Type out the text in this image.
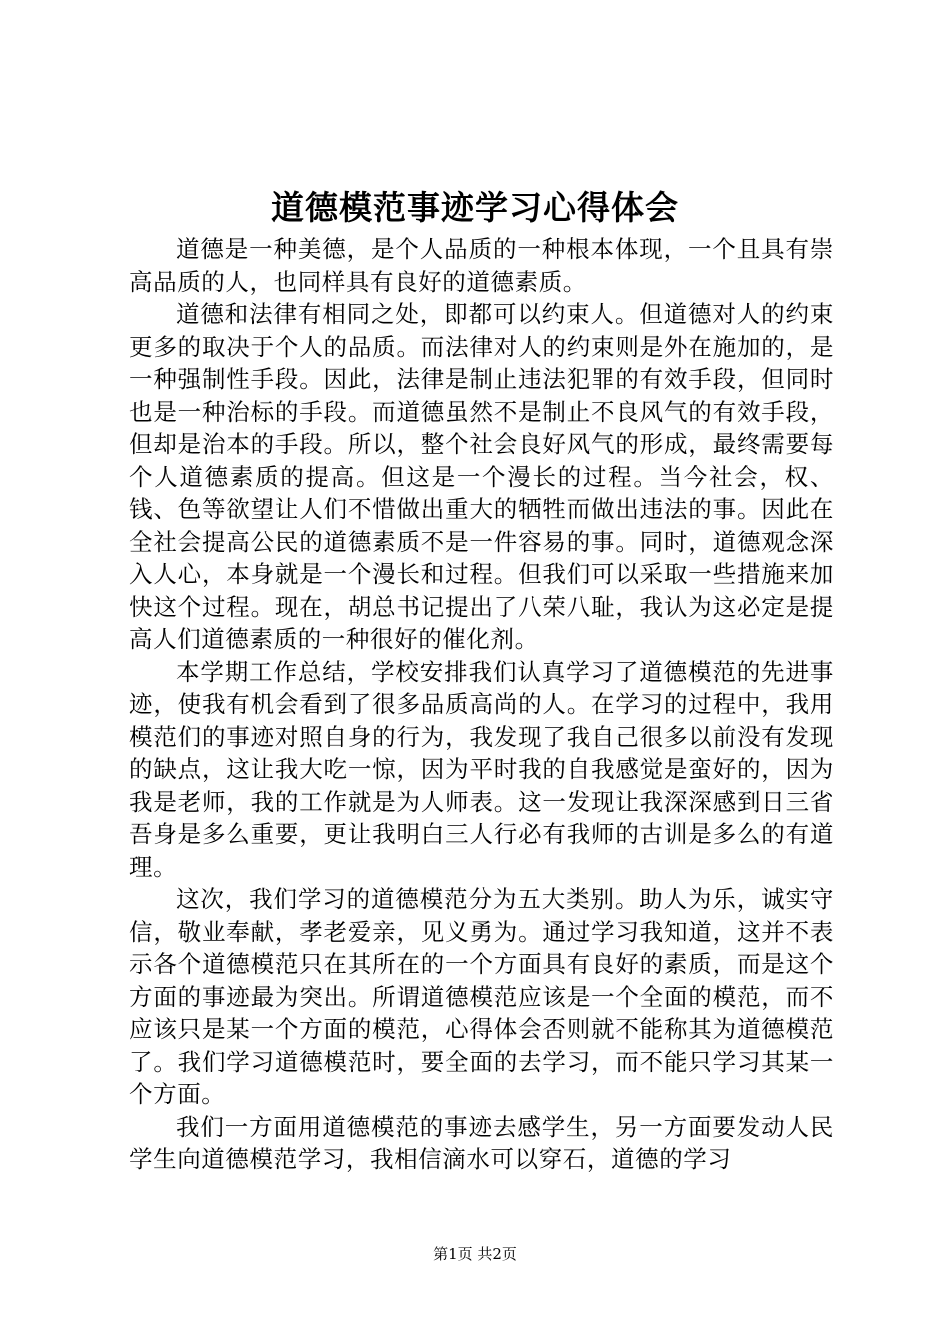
道德模范事迹学习心得体会

道德是一种美德，是个人品质的一种根本体现，一个且具有崇高品质的人，也同样具有良好的道德素质。

道德和法律有相同之处，即都可以约束人。但道德对人的约束更多的取决于个人的品质。而法律对人的约束则是外在施加的，是一种强制性手段。因此，法律是制止违法犯罪的有效手段，但同时也是一种治标的手段。而道德虽然不是制止不良风气的有效手段，但却是治本的手段。所以，整个社会良好风气的形成，最终需要每个人道德素质的提高。但这是一个漫长的过程。当今社会，权、钱、色等欲望让人们不惜做出重大的牺牲而做出违法的事。因此在全社会提高公民的道德素质不是一件容易的事。同时，道德观念深入人心，本身就是一个漫长和过程。但我们可以采取一些措施来加快这个过程。现在，胡总书记提出了八荣八耻，我认为这必定是提高人们道德素质的一种很好的催化剂。

本学期工作总结，学校安排我们认真学习了道德模范的先进事迹，使我有机会看到了很多品质高尚的人。在学习的过程中，我用模范们的事迹对照自身的行为，我发现了我自己很多以前没有发现的缺点，这让我大吃一惊，因为平时我的自我感觉是蛮好的，因为我是老师，我的工作就是为人师表。这一发现让我深深感到日三省吾身是多么重要，更让我明白三人行必有我师的古训是多么的有道理。

这次，我们学习的道德模范分为五大类别。助人为乐，诚实守信，敬业奉献，孝老爱亲，见义勇为。通过学习我知道，这并不表示各个道德模范只在其所在的一个方面具有良好的素质，而是这个方面的事迹最为突出。所谓道德模范应该是一个全面的模范，而不应该只是某一个方面的模范，心得体会否则就不能称其为道德模范了。我们学习道德模范时，要全面的去学习，而不能只学习其某一个方面。

我们一方面用道德模范的事迹去感学生，另一方面要发动人民学生向道德模范学习，我相信滴水可以穿石，道德的学习

第1页 共2页
